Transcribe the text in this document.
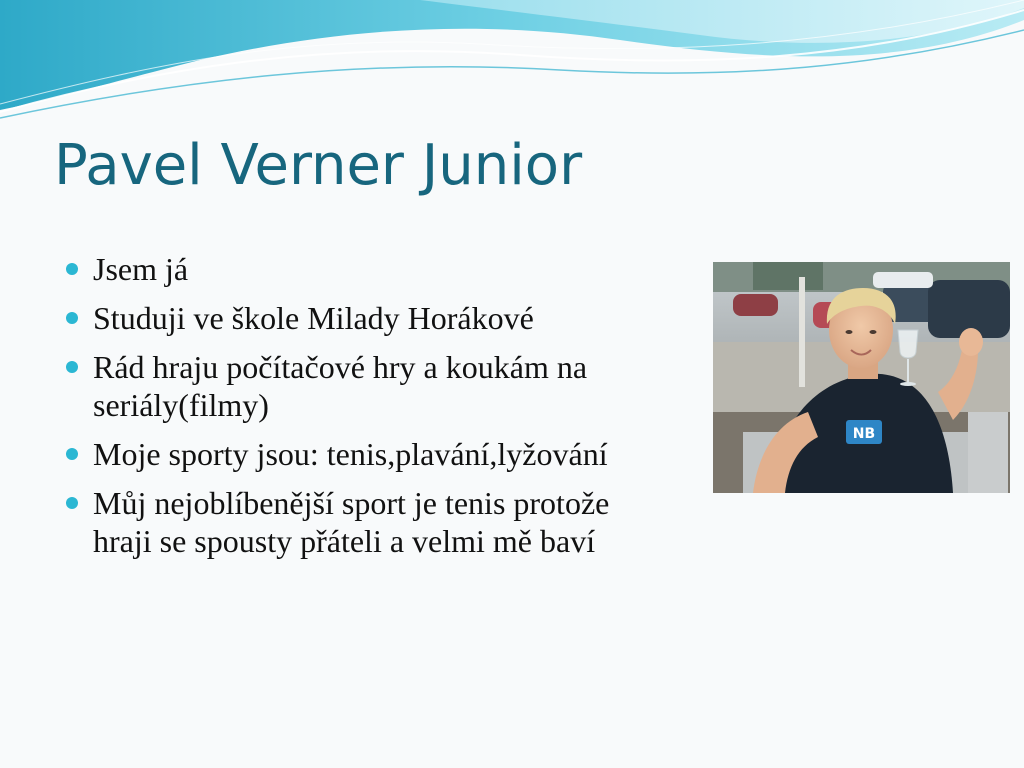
Pavel Verner Junior
Jsem já
Studuji ve škole Milady Horákové
Rád hraju počítačové hry a koukám na seriály(filmy)
Moje sporty jsou: tenis,plavání,lyžování
Můj nejoblíbenější sport je tenis protože hraji se spousty přáteli a velmi mě baví
NB
